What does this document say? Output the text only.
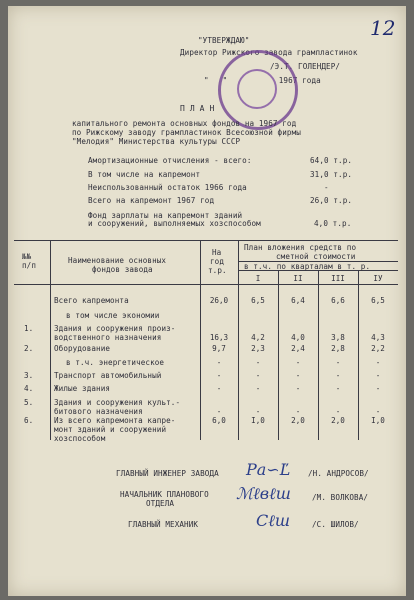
12
"УТВЕРЖДАЮ"
Директор Рижского завода грампластинок
/Э.Т. ГОЛЕНДЕР/
"   "           1967 года
П Л А Н
капитального ремонта основных фондов на 1967 год
по Рижскому заводу грампластинок Всесоюзной фирмы
"Мелодия" Министерства культуры СССР
Амортизационные отчисления - всего:	64,0 т.р.
В том числе на капремонт	31,0 т.р.
Неиспользованный остаток 1966 года	-
Всего на капремонт 1967 год	26,0 т.р.
Фонд зарплаты на капремонт зданий
и сооружений, выполняемых хозспособом	4,0 т.р.
№№
п/п
Наименование основных
фондов завода
На
год
т.р.
План вложения средств по
сметной стоимости
в т.ч. по кварталам в т. р.
I	II	III	IУ
Всего капремонта	26,0	6,5	6,4	6,6	6,5
в том числе экономии
1.	Здания и сооружения произ-
водственного назначения	16,3	4,2	4,0	3,8	4,3
2.	Оборудование	9,7	2,3	2,4	2,8	2,2
в т.ч. энергетическое	-	-	-	-	-
3.	Транспорт автомобильный	-	-	-	-	-
4.	Жилые здания	-	-	-	-	-
5.	Здания и сооружения культ.-
битового назначения	-	-	-	-	-
6.	Из всего капремонта капре-
монт зданий и сооружений
хозспособом
6,0	I,0	2,0	2,0	I,0
ГЛАВНЫЙ ИНЖЕНЕР ЗАВОДА Ра∽Ľ /Н. АНДРОСОВ/
НАЧАЛЬНИК ПЛАНОВОГО
ОТДЕЛА
ℳℓвℓш	/М. ВОЛКОВА/
ГЛАВНЫЙ МЕХАНИК	Сℓш	/С. ШИЛОВ/
